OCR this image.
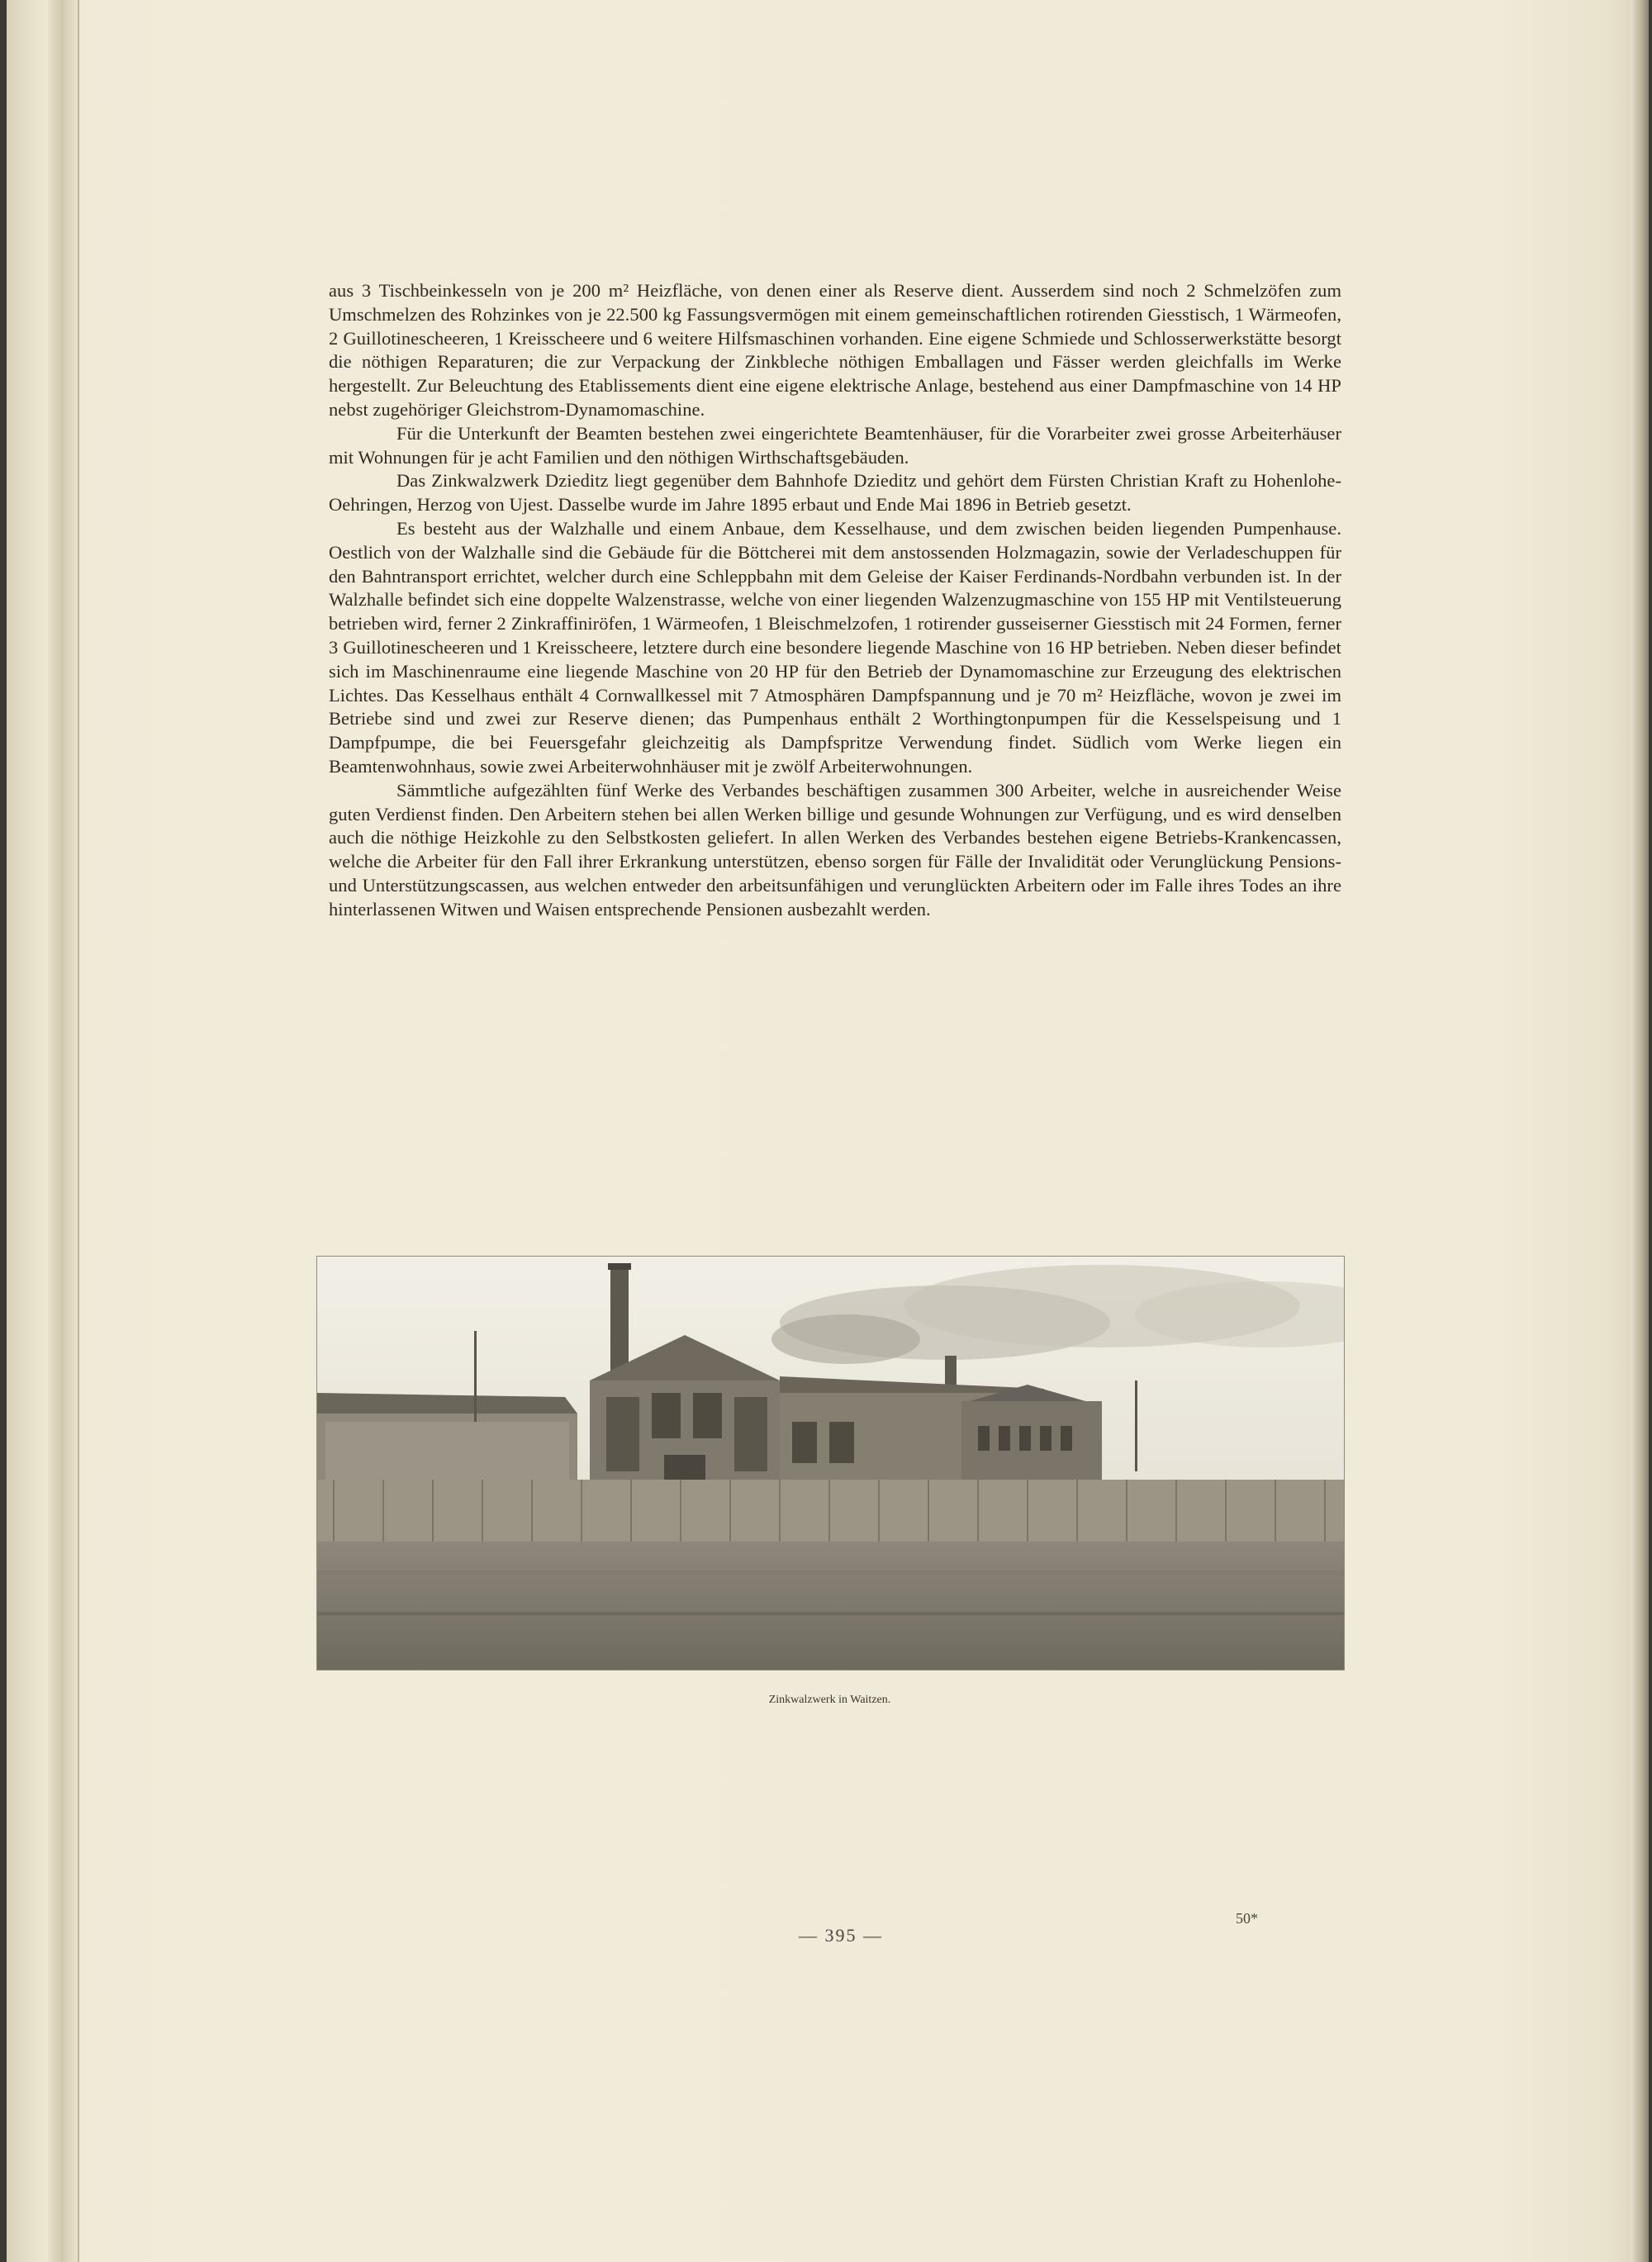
aus 3 Tischbeinkesseln von je 200 m² Heizfläche, von denen einer als Reserve dient. Ausserdem sind noch 2 Schmelzöfen zum Umschmelzen des Rohzinkes von je 22.500 kg Fassungsvermögen mit einem gemeinschaftlichen rotirenden Giesstisch, 1 Wärmeofen, 2 Guillotinescheeren, 1 Kreisscheere und 6 weitere Hilfsmaschinen vorhanden. Eine eigene Schmiede und Schlosserwerkstätte besorgt die nöthigen Reparaturen; die zur Verpackung der Zinkbleche nöthigen Emballagen und Fässer werden gleichfalls im Werke hergestellt. Zur Beleuchtung des Etablissements dient eine eigene elektrische Anlage, bestehend aus einer Dampfmaschine von 14 HP nebst zugehöriger Gleichstrom-Dynamomaschine.

Für die Unterkunft der Beamten bestehen zwei eingerichtete Beamtenhäuser, für die Vorarbeiter zwei grosse Arbeiterhäuser mit Wohnungen für je acht Familien und den nöthigen Wirthschaftsgebäuden.

Das Zinkwalzwerk Dzieditz liegt gegenüber dem Bahnhofe Dzieditz und gehört dem Fürsten Christian Kraft zu Hohenlohe-Oehringen, Herzog von Ujest. Dasselbe wurde im Jahre 1895 erbaut und Ende Mai 1896 in Betrieb gesetzt.

Es besteht aus der Walzhalle und einem Anbaue, dem Kesselhause, und dem zwischen beiden liegenden Pumpenhause. Oestlich von der Walzhalle sind die Gebäude für die Böttcherei mit dem anstossenden Holzmagazin, sowie der Verladeschuppen für den Bahntransport errichtet, welcher durch eine Schleppbahn mit dem Geleise der Kaiser Ferdinands-Nordbahn verbunden ist. In der Walzhalle befindet sich eine doppelte Walzenstrasse, welche von einer liegenden Walzenzugmaschine von 155 HP mit Ventilsteuerung betrieben wird, ferner 2 Zinkraffiniröfen, 1 Wärmeofen, 1 Bleischmelzofen, 1 rotirender gusseiserner Giesstisch mit 24 Formen, ferner 3 Guillotinescheeren und 1 Kreisscheere, letztere durch eine besondere liegende Maschine von 16 HP betrieben. Neben dieser befindet sich im Maschinenraume eine liegende Maschine von 20 HP für den Betrieb der Dynamomaschine zur Erzeugung des elektrischen Lichtes. Das Kesselhaus enthält 4 Cornwallkessel mit 7 Atmosphären Dampfspannung und je 70 m² Heizfläche, wovon je zwei im Betriebe sind und zwei zur Reserve dienen; das Pumpenhaus enthält 2 Worthingtonpumpen für die Kesselspeisung und 1 Dampfpumpe, die bei Feuersgefahr gleichzeitig als Dampfspritze Verwendung findet. Südlich vom Werke liegen ein Beamtenwohnhaus, sowie zwei Arbeiterwohnhäuser mit je zwölf Arbeiterwohnungen.

Sämmtliche aufgezählten fünf Werke des Verbandes beschäftigen zusammen 300 Arbeiter, welche in ausreichender Weise guten Verdienst finden. Den Arbeitern stehen bei allen Werken billige und gesunde Wohnungen zur Verfügung, und es wird denselben auch die nöthige Heizkohle zu den Selbstkosten geliefert. In allen Werken des Verbandes bestehen eigene Betriebs-Krankencassen, welche die Arbeiter für den Fall ihrer Erkrankung unterstützen, ebenso sorgen für Fälle der Invalidität oder Verunglückung Pensions- und Unterstützungscassen, aus welchen entweder den arbeitsunfähigen und verunglückten Arbeitern oder im Falle ihres Todes an ihre hinterlassenen Witwen und Waisen entsprechende Pensionen ausbezahlt werden.

Zinkwalzwerk in Waitzen.
— 395 —
50*
